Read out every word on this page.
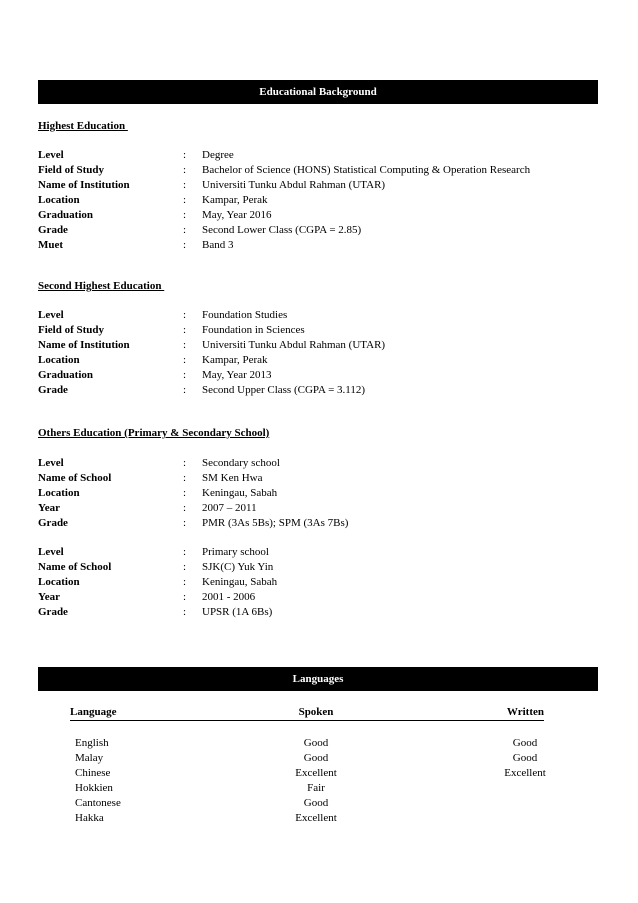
Educational Background
Highest Education
Level	: Degree
Field of Study	: Bachelor of Science (HONS) Statistical Computing & Operation Research
Name of Institution	: Universiti Tunku Abdul Rahman (UTAR)
Location	: Kampar, Perak
Graduation	: May, Year 2016
Grade	: Second Lower Class (CGPA = 2.85)
Muet	: Band 3
Second Highest Education
Level	: Foundation Studies
Field of Study	: Foundation in Sciences
Name of Institution	: Universiti Tunku Abdul Rahman (UTAR)
Location	: Kampar, Perak
Graduation	: May, Year 2013
Grade	: Second Upper Class (CGPA = 3.112)
Others Education (Primary & Secondary School)
Level	: Secondary school
Name of School	: SM Ken Hwa
Location	: Keningau, Sabah
Year	: 2007 – 2011
Grade	: PMR (3As 5Bs); SPM (3As 7Bs)
Level	: Primary school
Name of School	: SJK(C) Yuk Yin
Location	: Keningau, Sabah
Year	: 2001 - 2006
Grade	: UPSR (1A 6Bs)
Languages
Language	Spoken	Written
English	Good	Good
Malay	Good	Good
Chinese	Excellent	Excellent
Hokkien	Fair
Cantonese	Good
Hakka	Excellent
